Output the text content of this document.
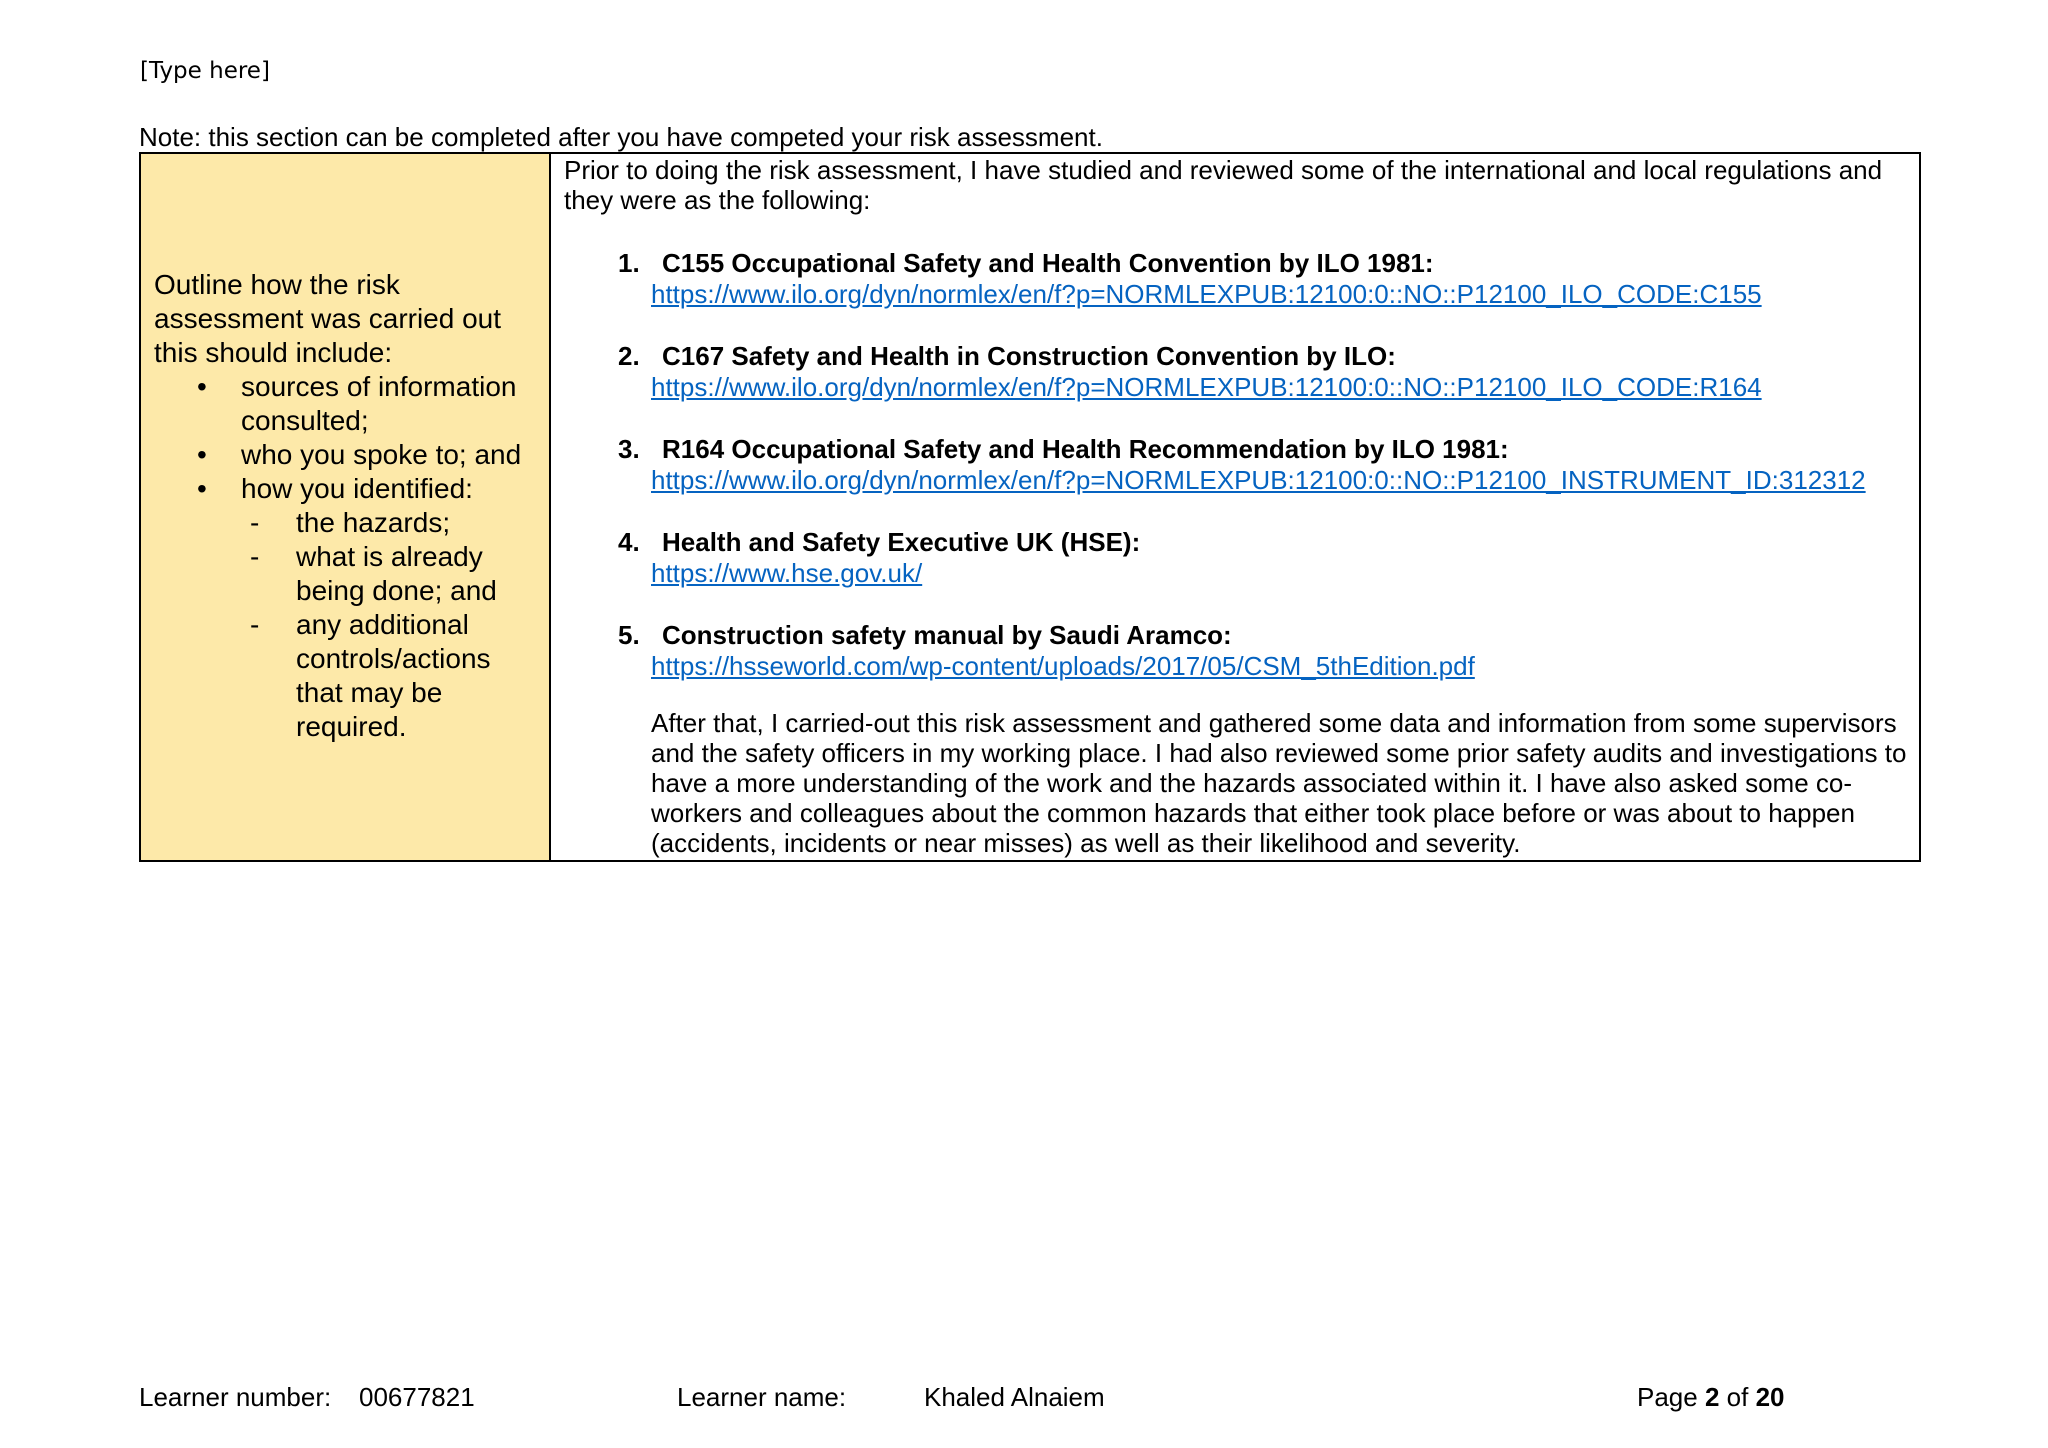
[Type here]
Note: this section can be completed after you have competed your risk assessment.
Outline how the risk assessment was carried out this should include:
• sources of information consulted;
• who you spoke to; and
• how you identified:
- the hazards;
- what is already being done; and
- any additional controls/actions that may be required.
Prior to doing the risk assessment, I have studied and reviewed some of the international and local regulations and they were as the following:
1. C155 Occupational Safety and Health Convention by ILO 1981:
https://www.ilo.org/dyn/normlex/en/f?p=NORMLEXPUB:12100:0::NO::P12100_ILO_CODE:C155
2. C167 Safety and Health in Construction Convention by ILO:
https://www.ilo.org/dyn/normlex/en/f?p=NORMLEXPUB:12100:0::NO::P12100_ILO_CODE:R164
3. R164 Occupational Safety and Health Recommendation by ILO 1981:
https://www.ilo.org/dyn/normlex/en/f?p=NORMLEXPUB:12100:0::NO::P12100_INSTRUMENT_ID:312312
4. Health and Safety Executive UK (HSE):
https://www.hse.gov.uk/
5. Construction safety manual by Saudi Aramco:
https://hsseworld.com/wp-content/uploads/2017/05/CSM_5thEdition.pdf
After that, I carried-out this risk assessment and gathered some data and information from some supervisors and the safety officers in my working place. I had also reviewed some prior safety audits and investigations to have a more understanding of the work and the hazards associated within it. I have also asked some co-workers and colleagues about the common hazards that either took place before or was about to happen (accidents, incidents or near misses) as well as their likelihood and severity.
Learner number: 00677821	Learner name:	Khaled Alnaiem	Page 2 of 20
